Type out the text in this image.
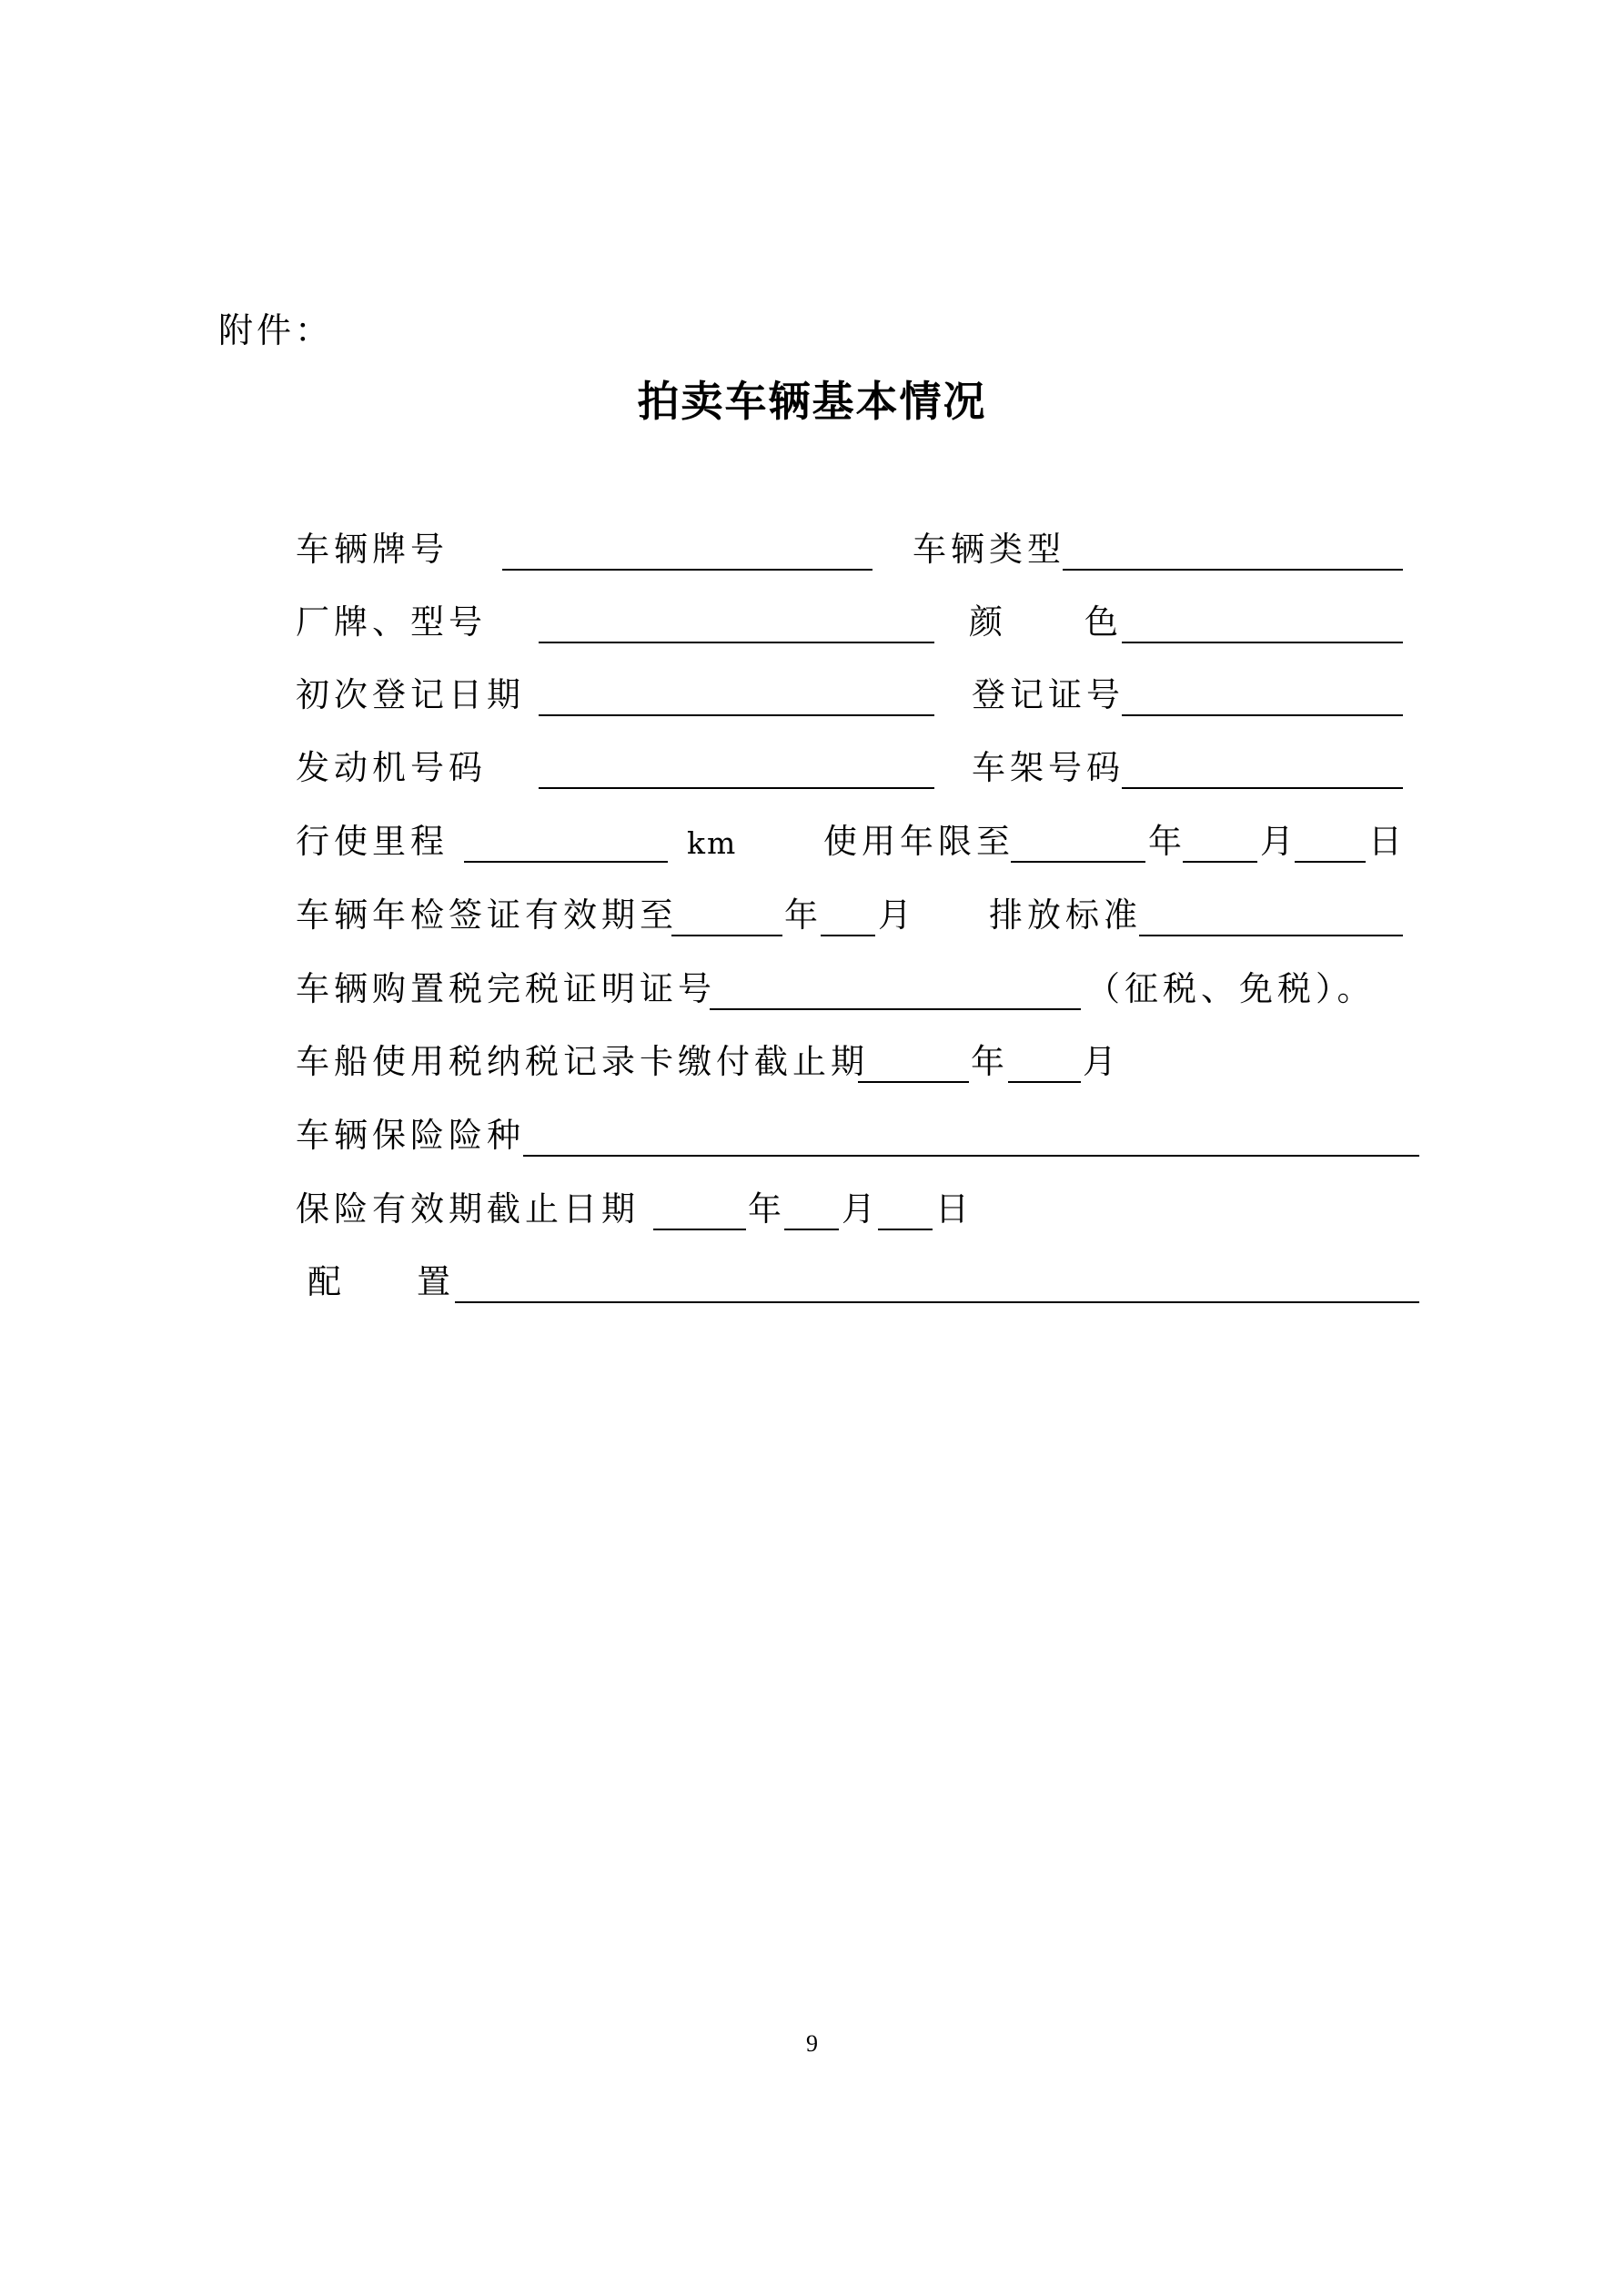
附件：
拍卖车辆基本情况
车辆牌号	车辆类型
厂牌、型号	颜 色
初次登记日期	登记证号
发动机号码	车架号码
行使里程	km	使用年限至	年 月 日
车辆年检签证有效期至	年 月 排放标准
车辆购置税完税证明证号	（征税、免税）。
车船使用税纳税记录卡缴付截止期	年 月
车辆保险险种
保险有效期截止日期	年 月 日
配 置
9
